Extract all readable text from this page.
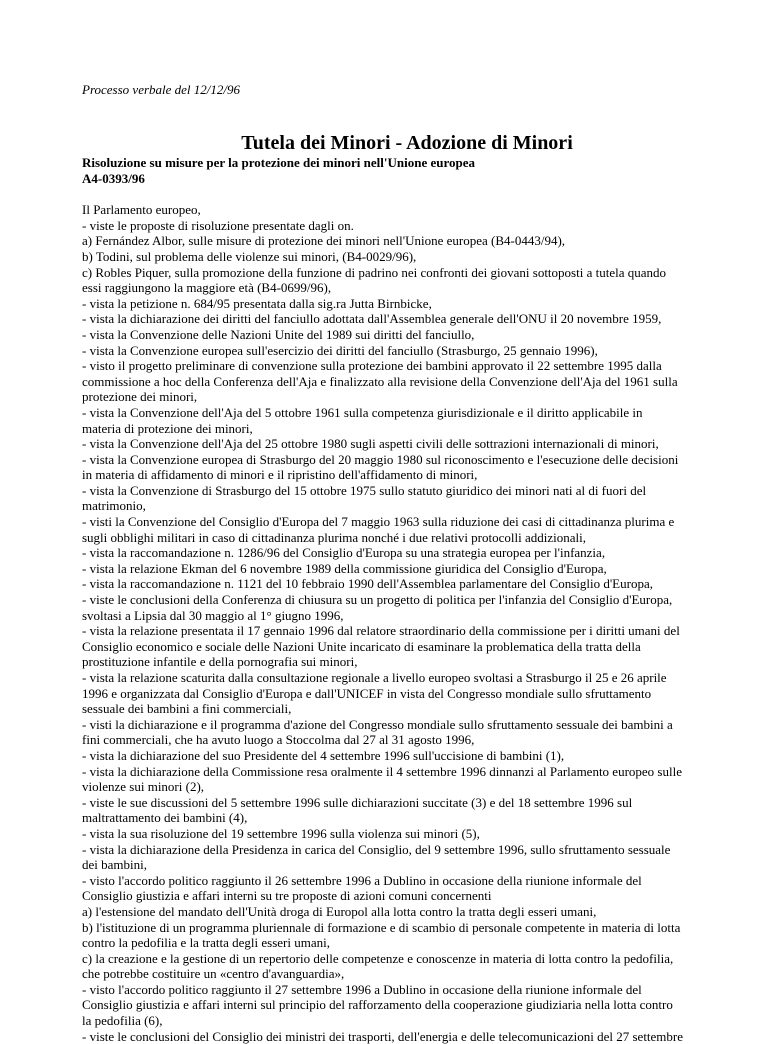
Processo verbale del 12/12/96

Tutela dei Minori - Adozione di Minori
Risoluzione su misure per la protezione dei minori nell'Unione europea
A4-0393/96
Il Parlamento europeo,
- viste le proposte di risoluzione presentate dagli on.
a) Fernández Albor, sulle misure di protezione dei minori nell'Unione europea (B4-0443/94),
b) Todini, sul problema delle violenze sui minori, (B4-0029/96),
c) Robles Piquer, sulla promozione della funzione di padrino nei confronti dei giovani sottoposti a tutela quando
essi raggiungono la maggiore età (B4-0699/96),
- vista la petizione n. 684/95 presentata dalla sig.ra Jutta Birnbicke,
- vista la dichiarazione dei diritti del fanciullo adottata dall'Assemblea generale dell'ONU il 20 novembre 1959,
- vista la Convenzione delle Nazioni Unite del 1989 sui diritti del fanciullo,
- vista la Convenzione europea sull'esercizio dei diritti del fanciullo (Strasburgo, 25 gennaio 1996),
- visto il progetto preliminare di convenzione sulla protezione dei bambini approvato il 22 settembre 1995 dalla
commissione a hoc della Conferenza dell'Aja e finalizzato alla revisione della Convenzione dell'Aja del 1961 sulla
protezione dei minori,
- vista la Convenzione dell'Aja del 5 ottobre 1961 sulla competenza giurisdizionale e il diritto applicabile in
materia di protezione dei minori,
- vista la Convenzione dell'Aja del 25 ottobre 1980 sugli aspetti civili delle sottrazioni internazionali di minori,
- vista la Convenzione europea di Strasburgo del 20 maggio 1980 sul riconoscimento e l'esecuzione delle decisioni
in materia di affidamento di minori e il ripristino dell'affidamento di minori,
- vista la Convenzione di Strasburgo del 15 ottobre 1975 sullo statuto giuridico dei minori nati al di fuori del
matrimonio,
- visti la Convenzione del Consiglio d'Europa del 7 maggio 1963 sulla riduzione dei casi di cittadinanza plurima e
sugli obblighi militari in caso di cittadinanza plurima nonché i due relativi protocolli addizionali,
- vista la raccomandazione n. 1286/96 del Consiglio d'Europa su una strategia europea per l'infanzia,
- vista la relazione Ekman del 6 novembre 1989 della commissione giuridica del Consiglio d'Europa,
- vista la raccomandazione n. 1121 del 10 febbraio 1990 dell'Assemblea parlamentare del Consiglio d'Europa,
- viste le conclusioni della Conferenza di chiusura su un progetto di politica per l'infanzia del Consiglio d'Europa,
svoltasi a Lipsia dal 30 maggio al 1° giugno 1996,
- vista la relazione presentata il 17 gennaio 1996 dal relatore straordinario della commissione per i diritti umani del
Consiglio economico e sociale delle Nazioni Unite incaricato di esaminare la problematica della tratta della
prostituzione infantile e della pornografia sui minori,
- vista la relazione scaturita dalla consultazione regionale a livello europeo svoltasi a Strasburgo il 25 e 26 aprile
1996 e organizzata dal Consiglio d'Europa e dall'UNICEF in vista del Congresso mondiale sullo sfruttamento
sessuale dei bambini a fini commerciali,
- visti la dichiarazione e il programma d'azione del Congresso mondiale sullo sfruttamento sessuale dei bambini a
fini commerciali, che ha avuto luogo a Stoccolma dal 27 al 31 agosto 1996,
- vista la dichiarazione del suo Presidente del 4 settembre 1996 sull'uccisione di bambini (1),
- vista la dichiarazione della Commissione resa oralmente il 4 settembre 1996 dinnanzi al Parlamento europeo sulle
violenze sui minori (2),
- viste le sue discussioni del 5 settembre 1996 sulle dichiarazioni succitate (3) e del 18 settembre 1996 sul
maltrattamento dei bambini (4),
- vista la sua risoluzione del 19 settembre 1996 sulla violenza sui minori (5),
- vista la dichiarazione della Presidenza in carica del Consiglio, del 9 settembre 1996, sullo sfruttamento sessuale
dei bambini,
- visto l'accordo politico raggiunto il 26 settembre 1996 a Dublino in occasione della riunione informale del
Consiglio giustizia e affari interni su tre proposte di azioni comuni concernenti
a) l'estensione del mandato dell'Unità droga di Europol alla lotta contro la tratta degli esseri umani,
b) l'istituzione di un programma pluriennale di formazione e di scambio di personale competente in materia di lotta
contro la pedofilia e la tratta degli esseri umani,
c) la creazione e la gestione di un repertorio delle competenze e conoscenze in materia di lotta contro la pedofilia,
che potrebbe costituire un «centro d'avanguardia»,
- visto l'accordo politico raggiunto il 27 settembre 1996 a Dublino in occasione della riunione informale del
Consiglio giustizia e affari interni sul principio del rafforzamento della cooperazione giudiziaria nella lotta contro
la pedofilia (6),
- viste le conclusioni del Consiglio dei ministri dei trasporti, dell'energia e delle telecomunicazioni del 27 settembre
